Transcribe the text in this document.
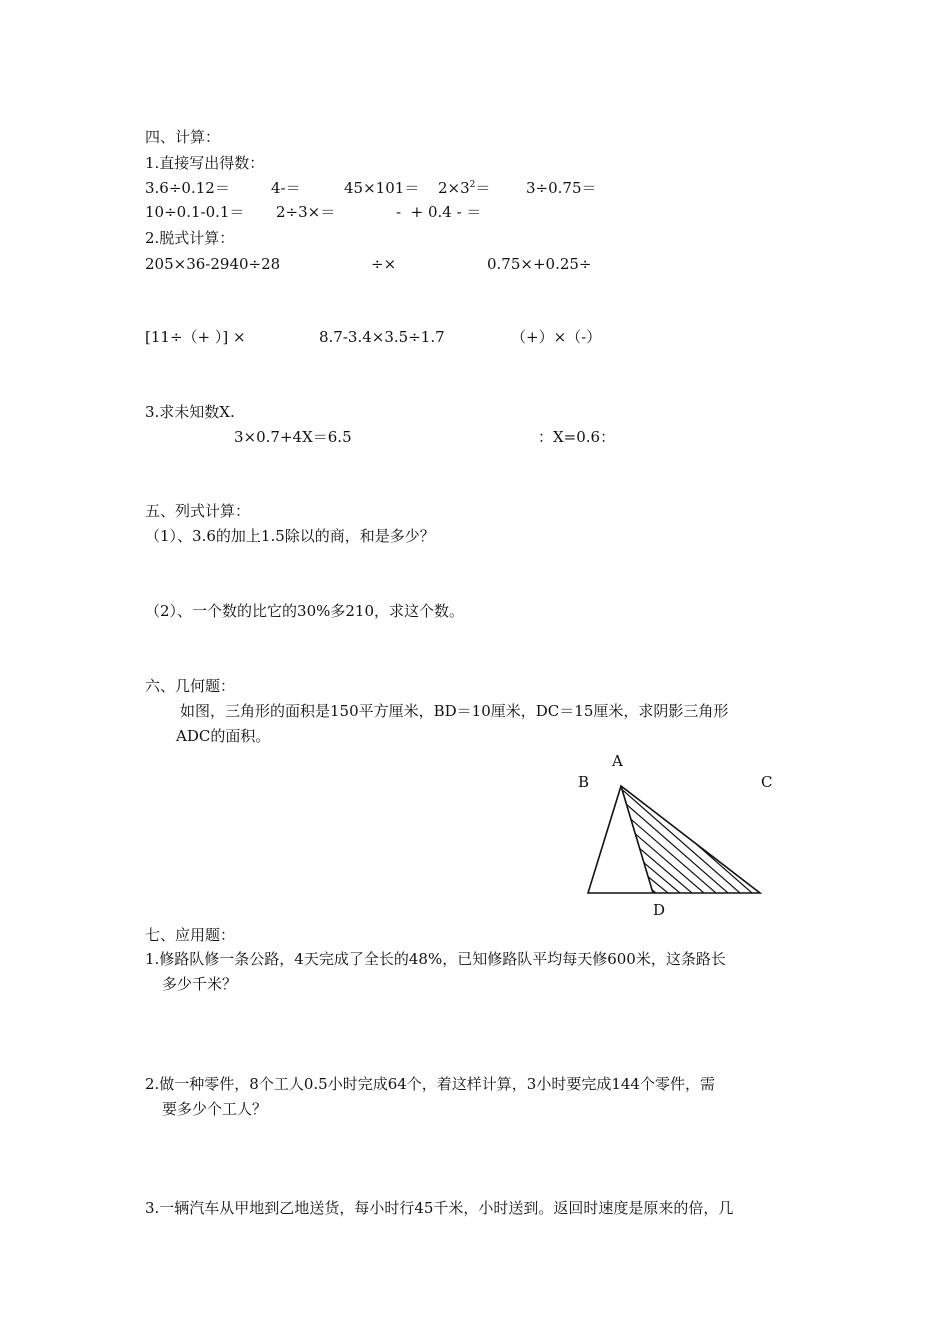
四、计算：
1.直接写出得数：
3.6÷0.12＝	4-＝	$45\times 101= 2\times 3^2= 3\div 0.75=$
10÷0.1-0.1＝ 2÷3×＝	-  + 0.4 - ＝
2.脱式计算：
205×36-2940÷28	÷×	0.75×+0.25÷
[11÷（+ ）] ×	8.7-3.4×3.5÷1.7	（+）×（-）
3.求未知数X.
3×0.7+4X＝6.5	：X=0.6：
五、列式计算：
（1）、3.6的加上1.5除以的商，和是多少？
（2）、一个数的比它的30%多210，求这个数。
六、几何题：
如图，三角形的面积是150平方厘米，BD＝10厘米，DC＝15厘米，求阴影三角形
ADC的面积。
A
B	C
D
七、应用题：
1.修路队修一条公路，4天完成了全长的48%，已知修路队平均每天修600米，这条路长
多少千米？
2.做一种零件，8个工人0.5小时完成64个，着这样计算，3小时要完成144个零件，需
要多少个工人？
3.一辆汽车从甲地到乙地送货，每小时行45千米，小时送到。返回时速度是原来的倍，几
